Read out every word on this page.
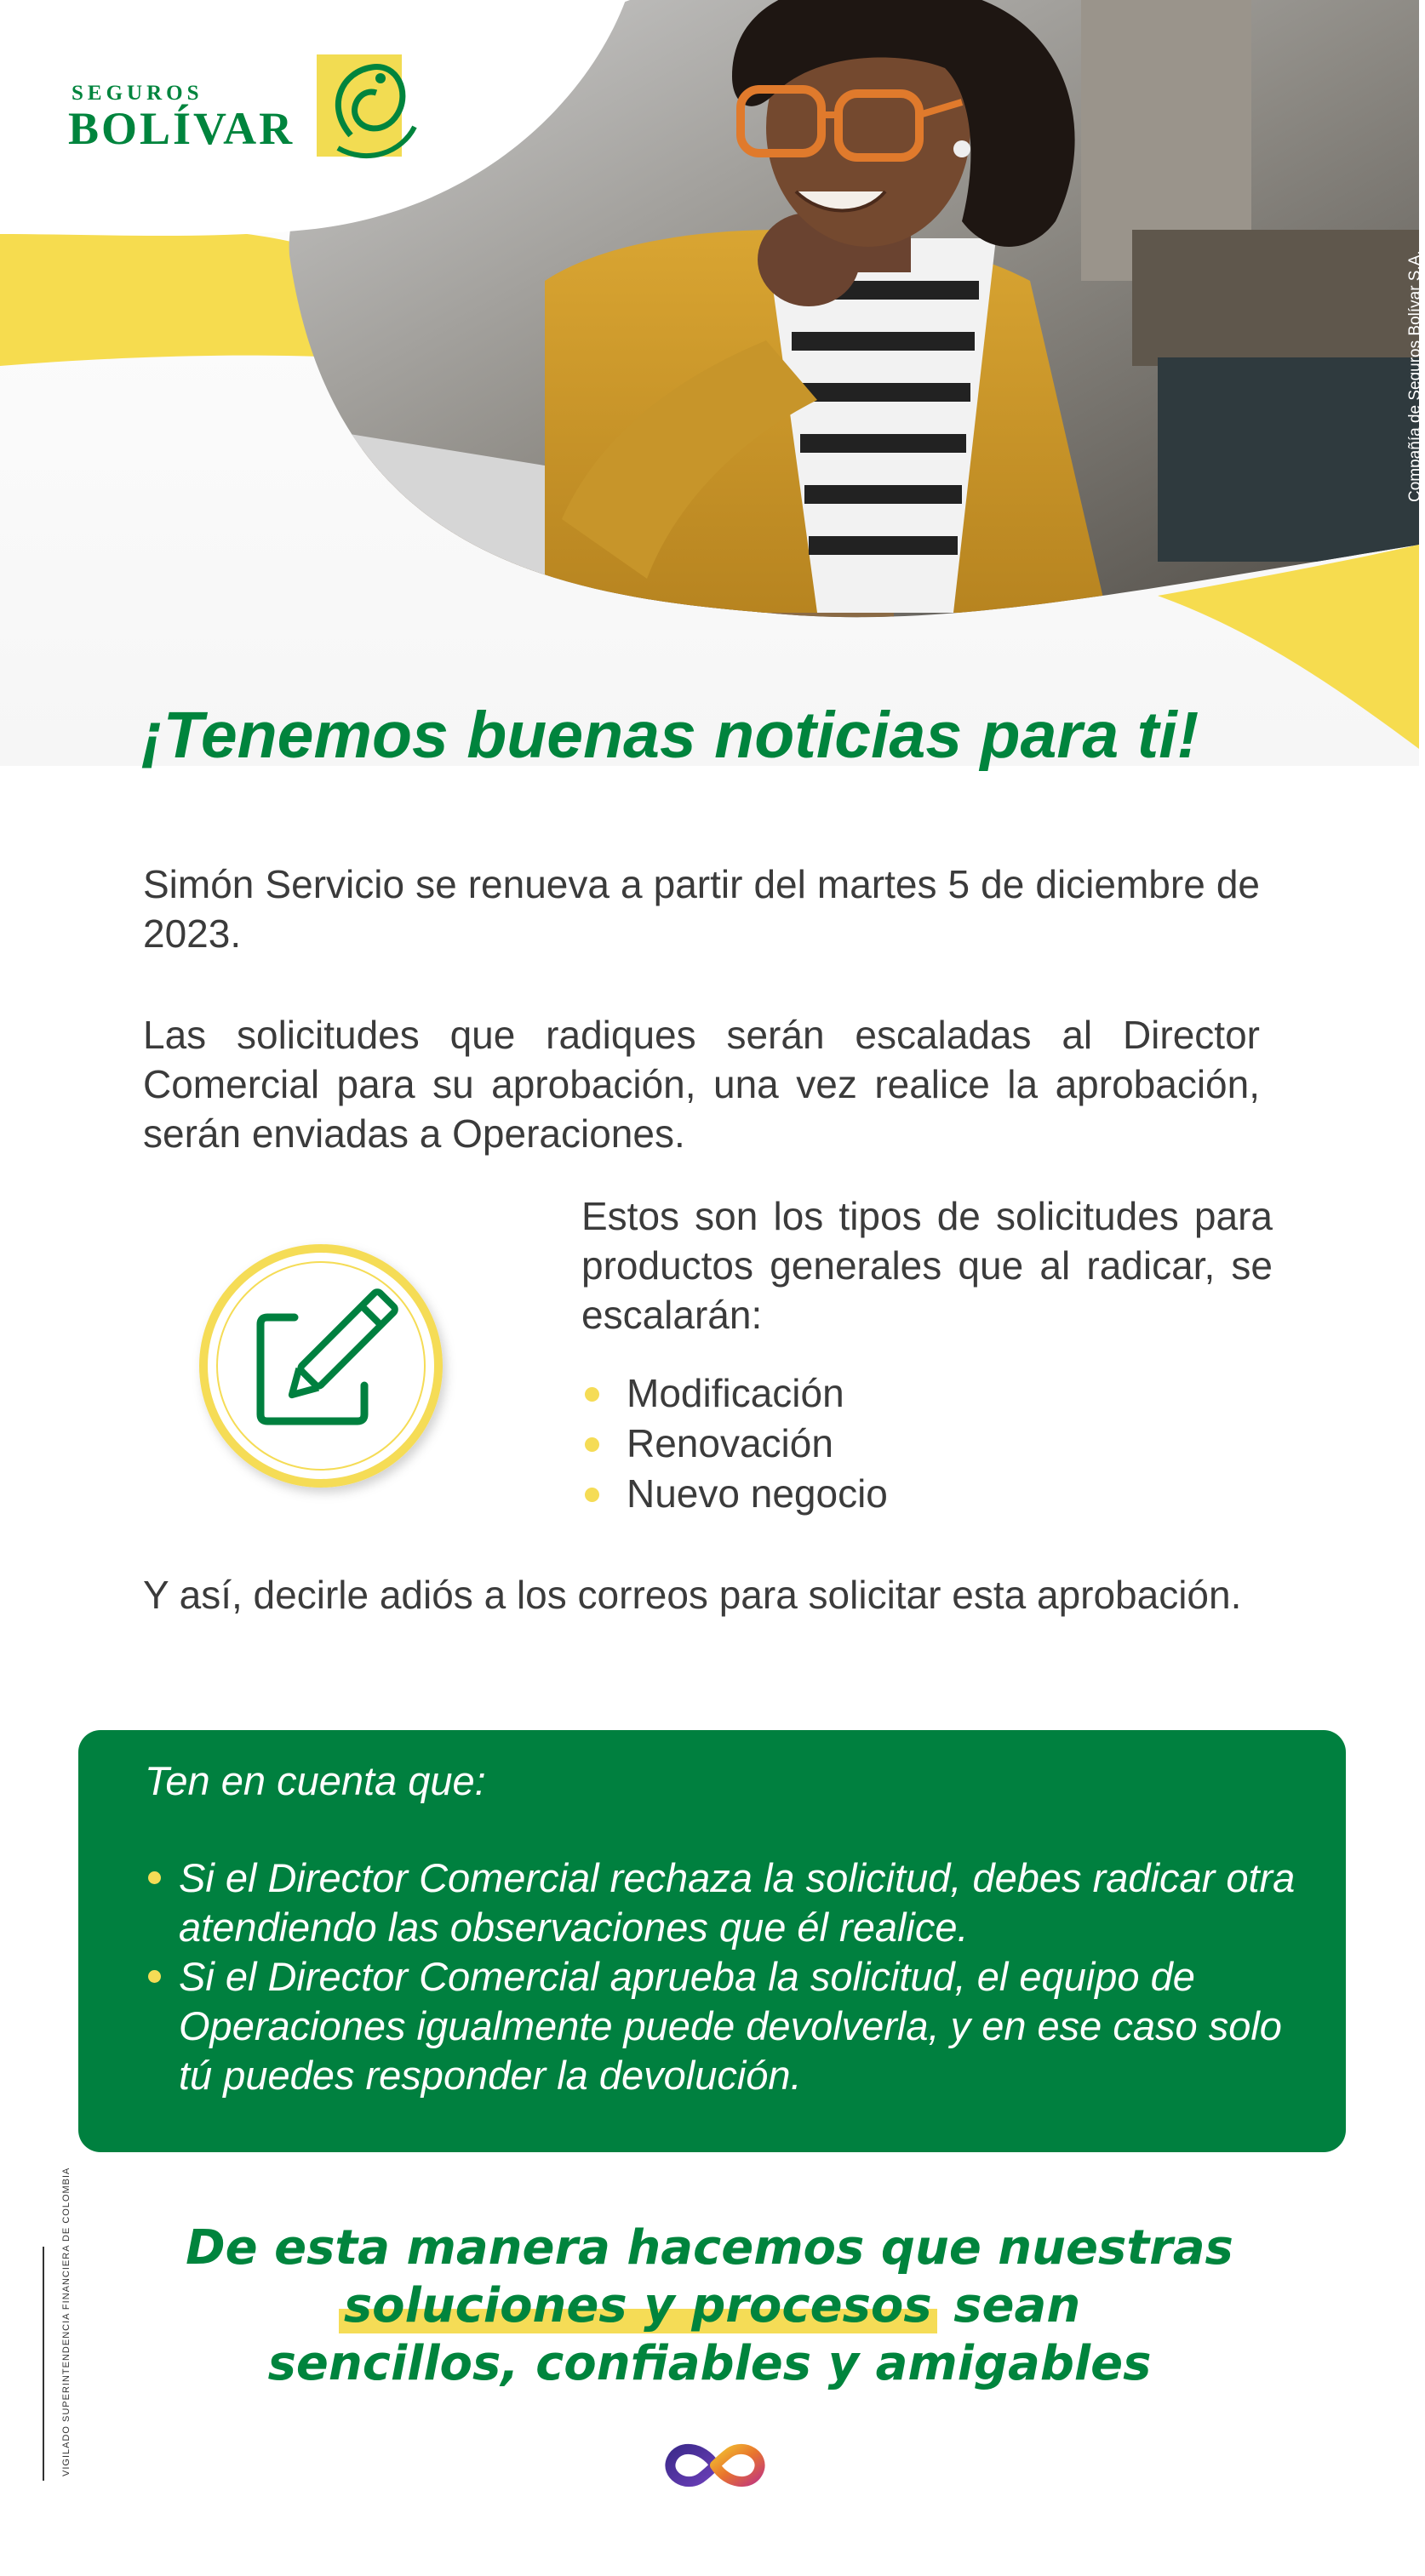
SEGUROS
BOLÍVAR
Compañía de Seguros Bolívar S.A.
¡Tenemos buenas noticias para ti!
Simón Servicio se renueva a partir del martes 5 de diciembre de 2023.
Las solicitudes que radiques serán escaladas al Director Comercial para su aprobación, una vez realice la aprobación, serán enviadas a Operaciones.
Estos son los tipos de solicitudes para productos generales que al radicar, se escalarán:
Modificación
Renovación
Nuevo negocio
Y así, decirle adiós a los correos para solicitar esta aprobación.
Ten en cuenta que:
Si el Director Comercial rechaza la solicitud, debes radicar otra atendiendo las observaciones que él realice.
Si el Director Comercial aprueba la solicitud, el equipo de Operaciones igualmente puede devolverla, y en ese caso solo tú puedes responder la devolución.
De esta manera hacemos que nuestras
soluciones y procesos sean
sencillos, confiables y amigables
VIGILADO SUPERINTENDENCIA FINANCIERA DE COLOMBIA
